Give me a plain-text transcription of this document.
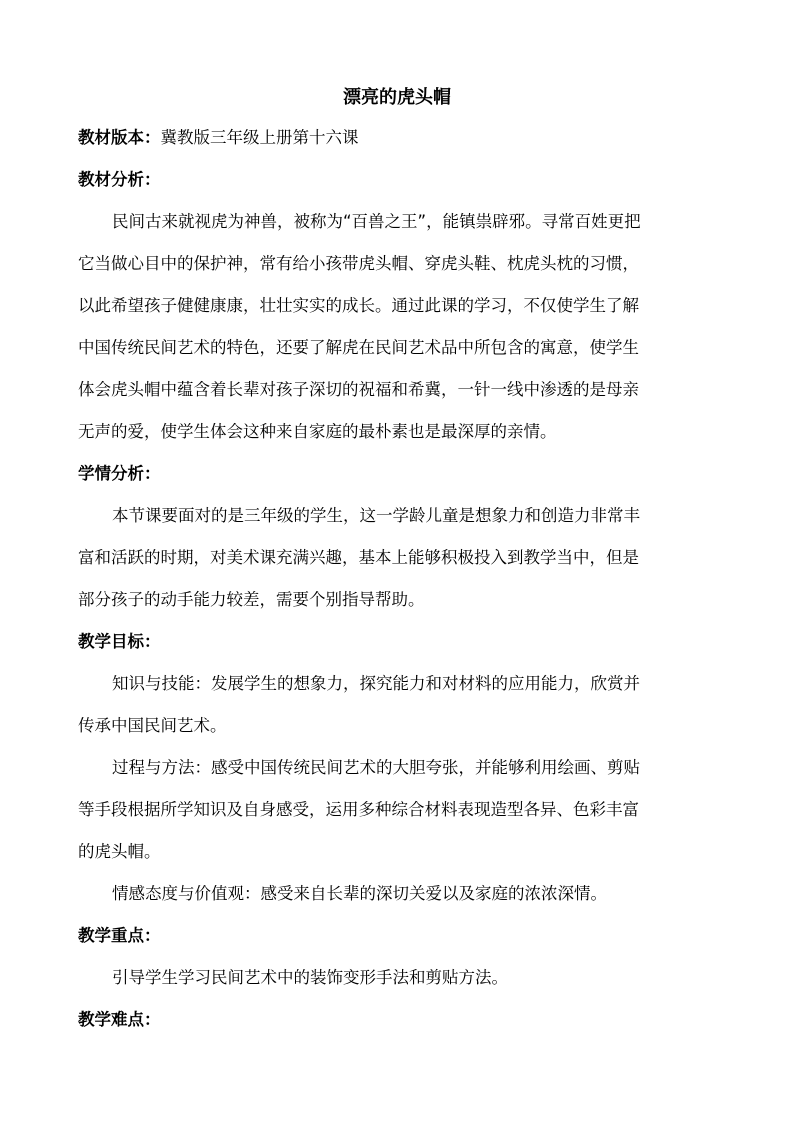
漂亮的虎头帽

教材版本：冀教版三年级上册第十六课

教材分析：

民间古来就视虎为神兽，被称为“百兽之王”，能镇祟辟邪。寻常百姓更把

它当做心目中的保护神，常有给小孩带虎头帽、穿虎头鞋、枕虎头枕的习惯，

以此希望孩子健健康康，壮壮实实的成长。通过此课的学习，不仅使学生了解

中国传统民间艺术的特色，还要了解虎在民间艺术品中所包含的寓意，使学生

体会虎头帽中蕴含着长辈对孩子深切的祝福和希冀，一针一线中渗透的是母亲

无声的爱，使学生体会这种来自家庭的最朴素也是最深厚的亲情。

学情分析：

本节课要面对的是三年级的学生，这一学龄儿童是想象力和创造力非常丰

富和活跃的时期，对美术课充满兴趣，基本上能够积极投入到教学当中，但是

部分孩子的动手能力较差，需要个别指导帮助。

教学目标：

知识与技能：发展学生的想象力，探究能力和对材料的应用能力，欣赏并

传承中国民间艺术。

过程与方法：感受中国传统民间艺术的大胆夸张，并能够利用绘画、剪贴

等手段根据所学知识及自身感受，运用多种综合材料表现造型各异、色彩丰富

的虎头帽。

情感态度与价值观：感受来自长辈的深切关爱以及家庭的浓浓深情。

教学重点：

引导学生学习民间艺术中的装饰变形手法和剪贴方法。

教学难点：
